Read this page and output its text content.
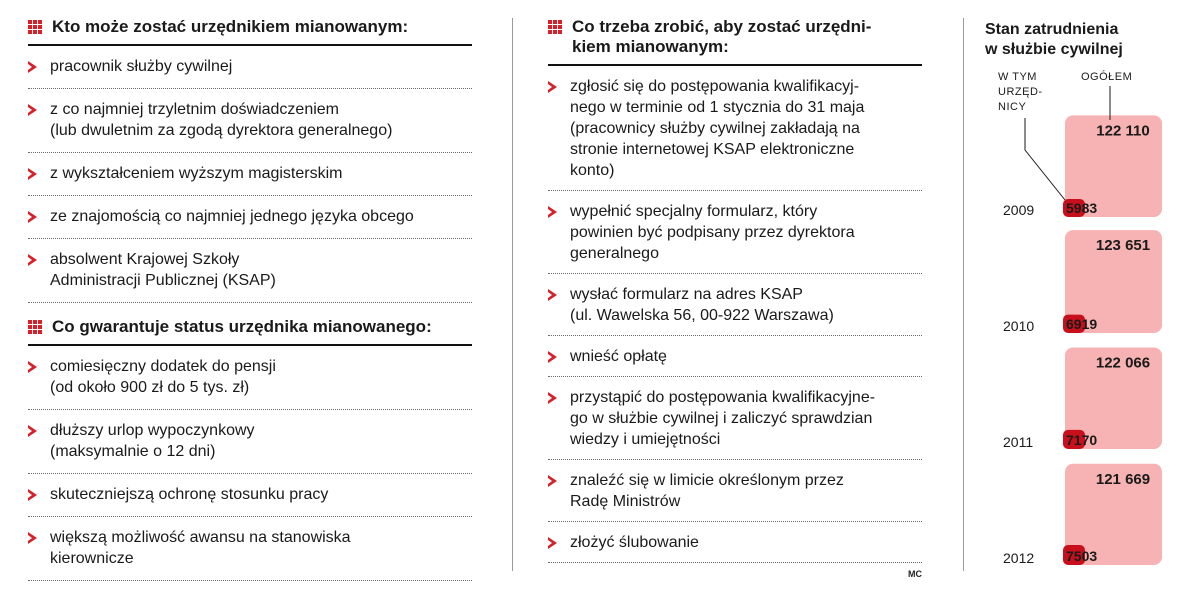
Kto może zostać urzędnikiem mianowanym:
pracownik służby cywilnej
z co najmniej trzyletnim doświadczeniem
(lub dwuletnim za zgodą dyrektora generalnego)
z wykształceniem wyższym magisterskim
ze znajomością co najmniej jednego języka obcego
absolwent Krajowej Szkoły
Administracji Publicznej (KSAP)
Co gwarantuje status urzędnika mianowanego:
comiesięczny dodatek do pensji
(od około 900 zł do 5 tys. zł)
dłuższy urlop wypoczynkowy
(maksymalnie o 12 dni)
skuteczniejszą ochronę stosunku pracy
większą możliwość awansu na stanowiska
kierownicze
Co trzeba zrobić, aby zostać urzędni-
kiem mianowanym:
zgłosić się do postępowania kwalifikacyj-
nego w terminie od 1 stycznia do 31 maja
(pracownicy służby cywilnej zakładają na
stronie internetowej KSAP elektroniczne
konto)
wypełnić specjalny formularz, który
powinien być podpisany przez dyrektora
generalnego
wysłać formularz na adres KSAP
(ul. Wawelska 56, 00-922 Warszawa)
wnieść opłatę
przystąpić do postępowania kwalifikacyjne-
go w służbie cywilnej i zaliczyć sprawdzian
wiedzy i umiejętności
znaleźć się w limicie określonym przez
Radę Ministrów
złożyć ślubowanie
MC
Stan zatrudnienia
w służbie cywilnej
W TYM
URZĘD-
NICY
OGÓŁEM
122 110
5983
2009
123 651
6919
2010
122 066
7170
2011
121 669
7503
2012
